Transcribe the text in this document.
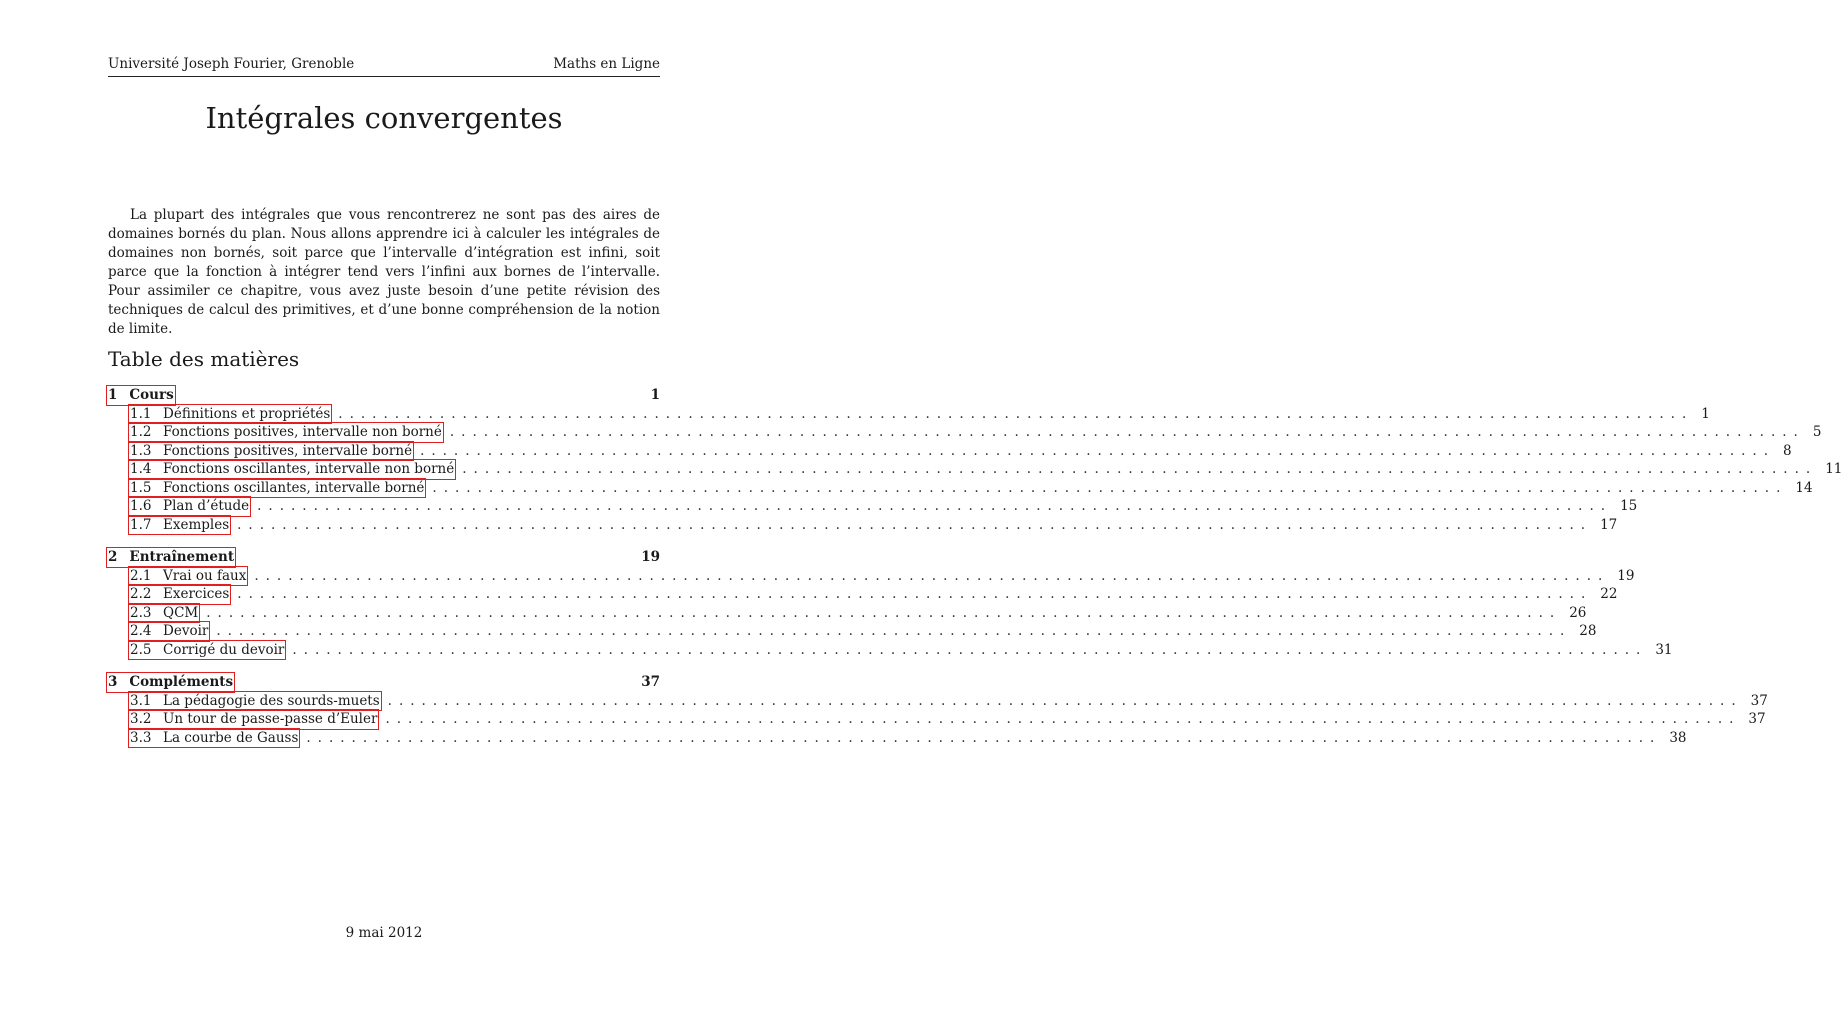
Université Joseph Fourier, Grenoble	Maths en Ligne
Intégrales convergentes

La plupart des intégrales que vous rencontrerez ne sont pas des aires de domaines bornés du plan. Nous allons apprendre ici à calculer les intégrales de domaines non bornés, soit parce que l’intervalle d’intégration est infini, soit parce que la fonction à intégrer tend vers l’infini aux bornes de l’intervalle. Pour assimiler ce chapitre, vous avez juste besoin d’une petite révision des techniques de calcul des primitives, et d’une bonne compréhension de la notion de limite.

Table des matières
1 Cours	1
1.1 Définitions et propriétés ........................................................................................................................ 1
1.2 Fonctions positives, intervalle non borné ........................................................................................................................ 5
1.3 Fonctions positives, intervalle borné ........................................................................................................................ 8
1.4 Fonctions oscillantes, intervalle non borné ........................................................................................................................ 11
1.5 Fonctions oscillantes, intervalle borné ........................................................................................................................ 14
1.6 Plan d’étude ........................................................................................................................ 15
1.7 Exemples ........................................................................................................................ 17
2 Entraînement	19
2.1 Vrai ou faux ........................................................................................................................ 19
2.2 Exercices ........................................................................................................................ 22
2.3 QCM ........................................................................................................................ 26
2.4 Devoir ........................................................................................................................ 28
2.5 Corrigé du devoir ........................................................................................................................ 31
3 Compléments	37
3.1 La pédagogie des sourds-muets ........................................................................................................................ 37
3.2 Un tour de passe-passe d’Euler ........................................................................................................................ 37
3.3 La courbe de Gauss ........................................................................................................................ 38
9 mai 2012
